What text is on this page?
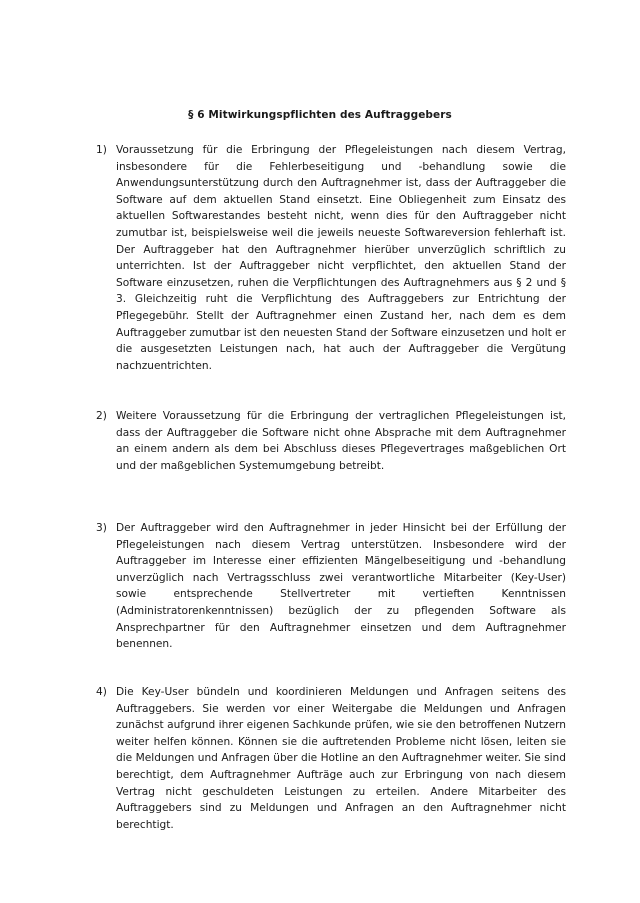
§ 6 Mitwirkungspflichten des Auftraggebers
1) Voraussetzung für die Erbringung der Pflegeleistungen nach diesem Vertrag, insbesondere für die Fehlerbeseitigung und -behandlung sowie die Anwendungsunterstützung durch den Auftragnehmer ist, dass der Auftraggeber die Software auf dem aktuellen Stand einsetzt. Eine Obliegenheit zum Einsatz des aktuellen Softwarestandes besteht nicht, wenn dies für den Auftraggeber nicht zumutbar ist, beispielsweise weil die jeweils neueste Softwareversion fehlerhaft ist. Der Auftraggeber hat den Auftragnehmer hierüber unverzüglich schriftlich zu unterrichten. Ist der Auftraggeber nicht verpflichtet, den aktuellen Stand der Software einzusetzen, ruhen die Verpflichtungen des Auftragnehmers aus § 2 und § 3. Gleichzeitig ruht die Verpflichtung des Auftraggebers zur Entrichtung der Pflegegebühr. Stellt der Auftragnehmer einen Zustand her, nach dem es dem Auftraggeber zumutbar ist den neuesten Stand der Software einzusetzen und holt er die ausgesetzten Leistungen nach, hat auch der Auftraggeber die Vergütung nachzuentrichten.
2) Weitere Voraussetzung für die Erbringung der vertraglichen Pflegeleistungen ist, dass der Auftraggeber die Software nicht ohne Absprache mit dem Auftragnehmer an einem andern als dem bei Abschluss dieses Pflegevertrages maßgeblichen Ort und der maßgeblichen Systemumgebung betreibt.
3) Der Auftraggeber wird den Auftragnehmer in jeder Hinsicht bei der Erfüllung der Pflegeleistungen nach diesem Vertrag unterstützen. Insbesondere wird der Auftraggeber im Interesse einer effizienten Mängelbeseitigung und -behandlung unverzüglich nach Vertragsschluss zwei verantwortliche Mitarbeiter (Key-User) sowie entsprechende Stellvertreter mit vertieften Kenntnissen (Administratorenkenntnissen) bezüglich der zu pflegenden Software als Ansprechpartner für den Auftragnehmer einsetzen und dem Auftragnehmer benennen.
4) Die Key-User bündeln und koordinieren Meldungen und Anfragen seitens des Auftraggebers. Sie werden vor einer Weitergabe die Meldungen und Anfragen zunächst aufgrund ihrer eigenen Sachkunde prüfen, wie sie den betroffenen Nutzern weiter helfen können. Können sie die auftretenden Probleme nicht lösen, leiten sie die Meldungen und Anfragen über die Hotline an den Auftragnehmer weiter. Sie sind berechtigt, dem Auftragnehmer Aufträge auch zur Erbringung von nach diesem Vertrag nicht geschuldeten Leistungen zu erteilen. Andere Mitarbeiter des Auftraggebers sind zu Meldungen und Anfragen an den Auftragnehmer nicht berechtigt.
